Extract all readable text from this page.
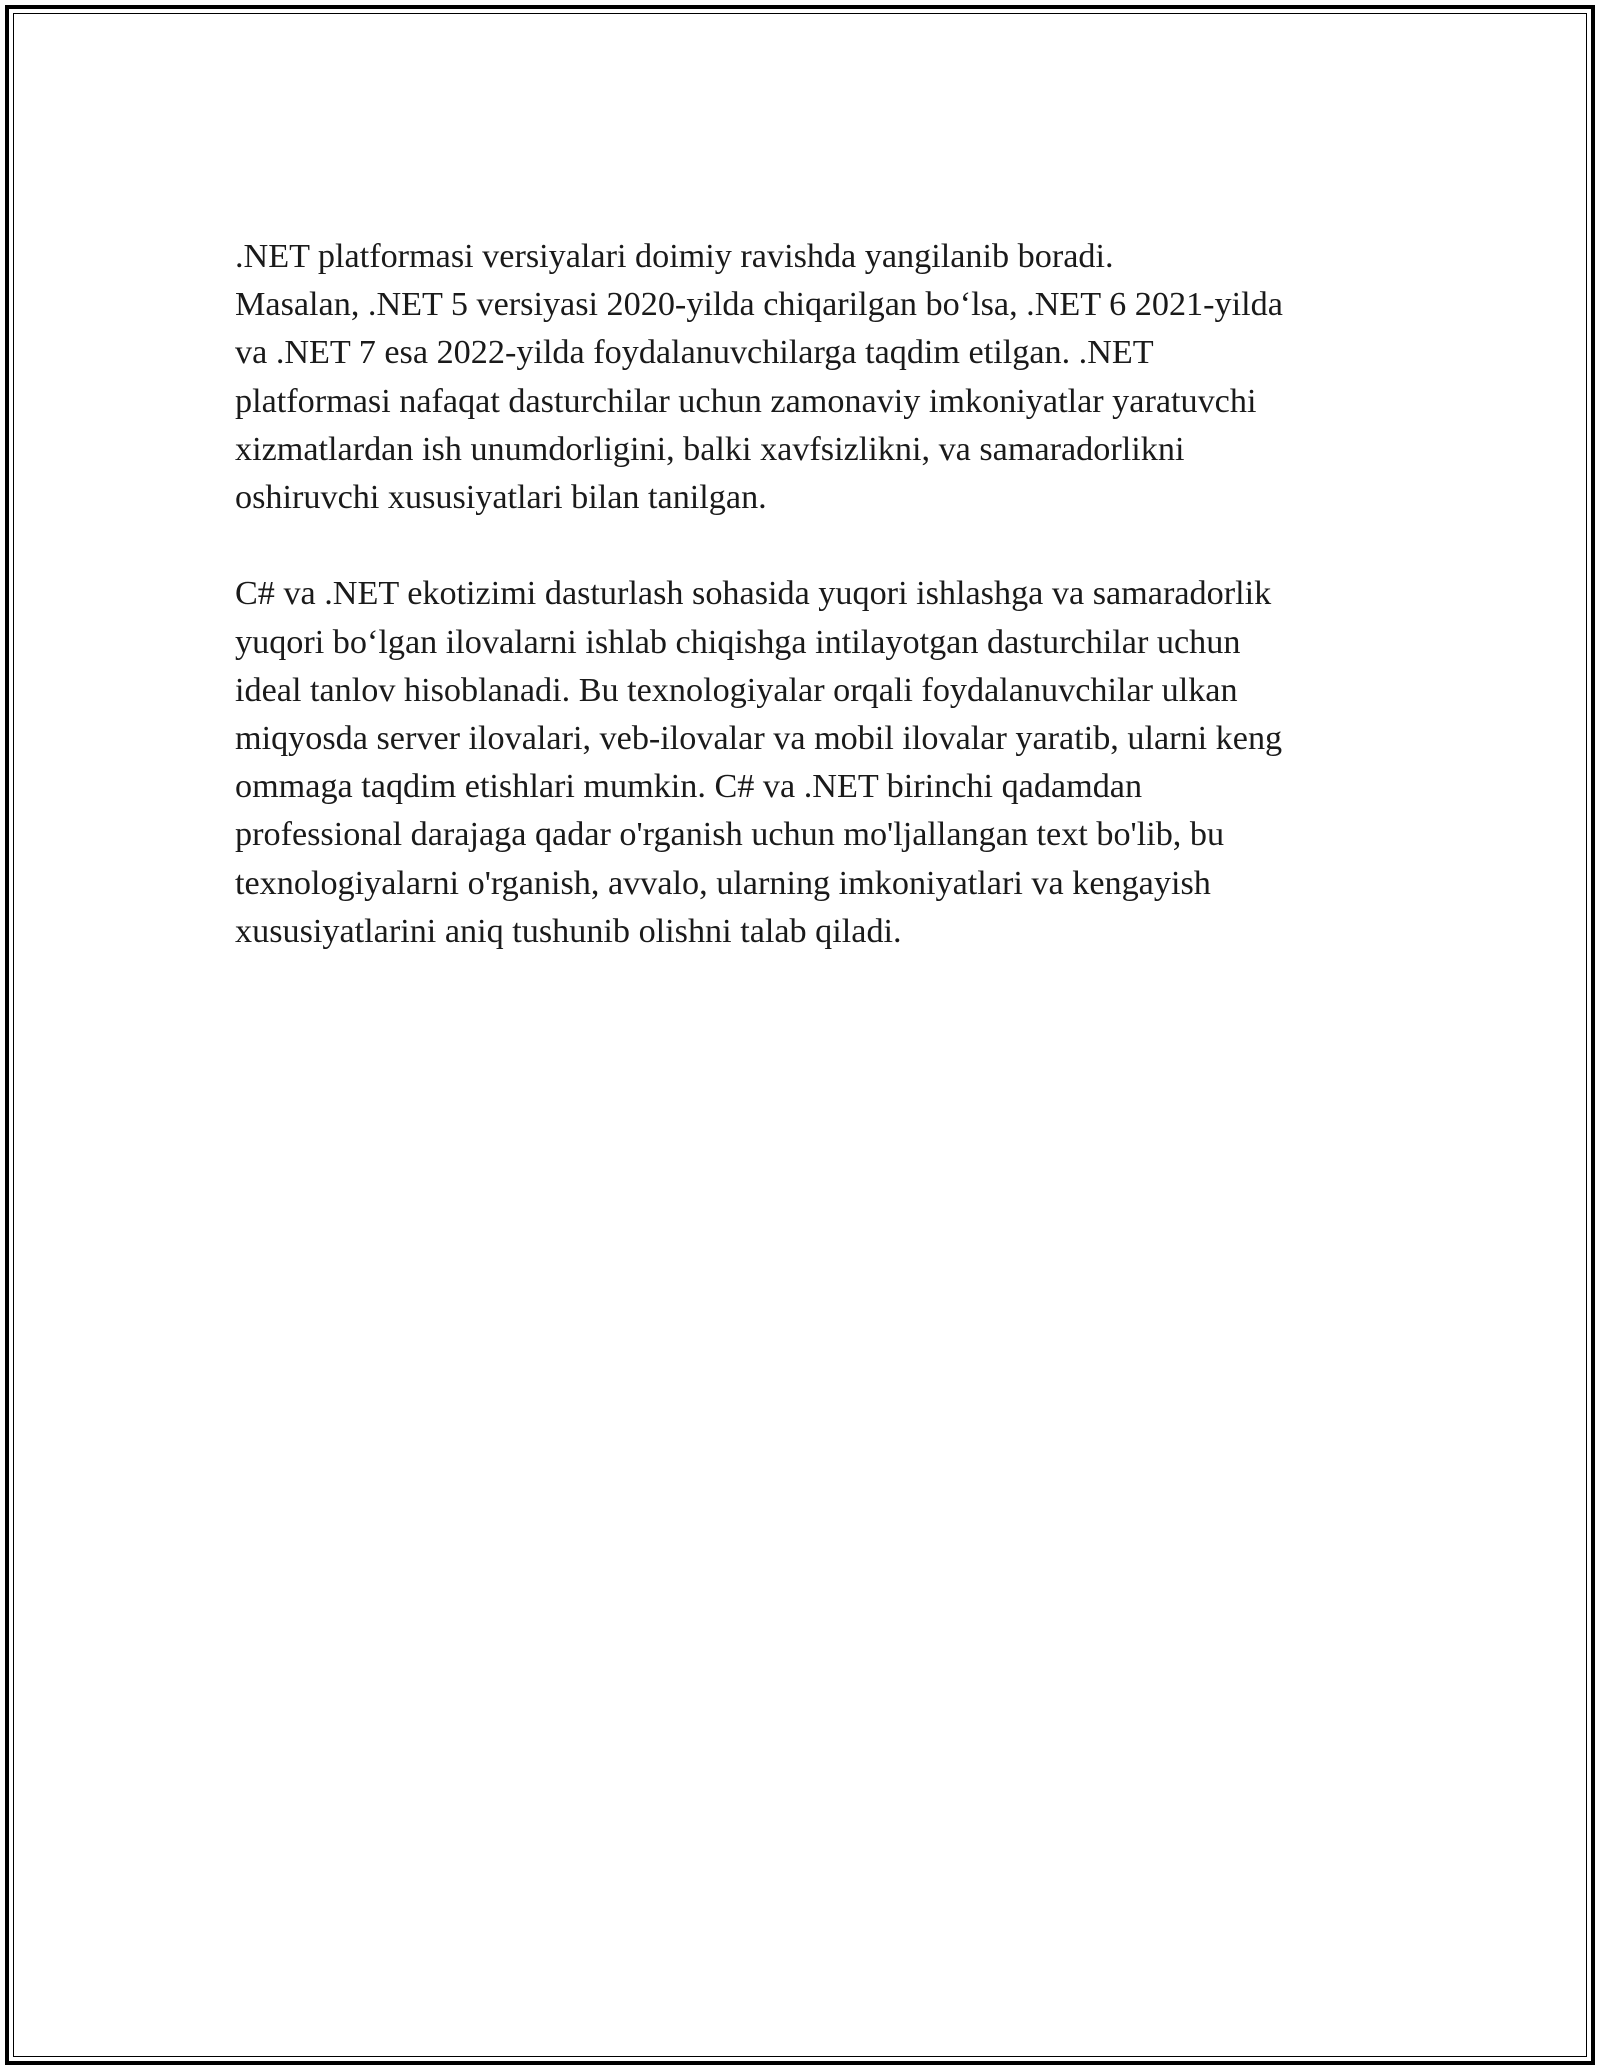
.NET platformasi versiyalari doimiy ravishda yangilanib boradi.
Masalan, .NET 5 versiyasi 2020-yilda chiqarilgan bo‘lsa, .NET 6 2021-yilda
va .NET 7 esa 2022-yilda foydalanuvchilarga taqdim etilgan. .NET
platformasi nafaqat dasturchilar uchun zamonaviy imkoniyatlar yaratuvchi
xizmatlardan ish unumdorligini, balki xavfsizlikni, va samaradorlikni
oshiruvchi xususiyatlari bilan tanilgan.

C# va .NET ekotizimi dasturlash sohasida yuqori ishlashga va samaradorlik
yuqori bo‘lgan ilovalarni ishlab chiqishga intilayotgan dasturchilar uchun
ideal tanlov hisoblanadi. Bu texnologiyalar orqali foydalanuvchilar ulkan
miqyosda server ilovalari, veb-ilovalar va mobil ilovalar yaratib, ularni keng
ommaga taqdim etishlari mumkin. C# va .NET birinchi qadamdan
professional darajaga qadar o'rganish uchun mo'ljallangan text bo'lib, bu
texnologiyalarni o'rganish, avvalo, ularning imkoniyatlari va kengayish
xususiyatlarini aniq tushunib olishni talab qiladi.
